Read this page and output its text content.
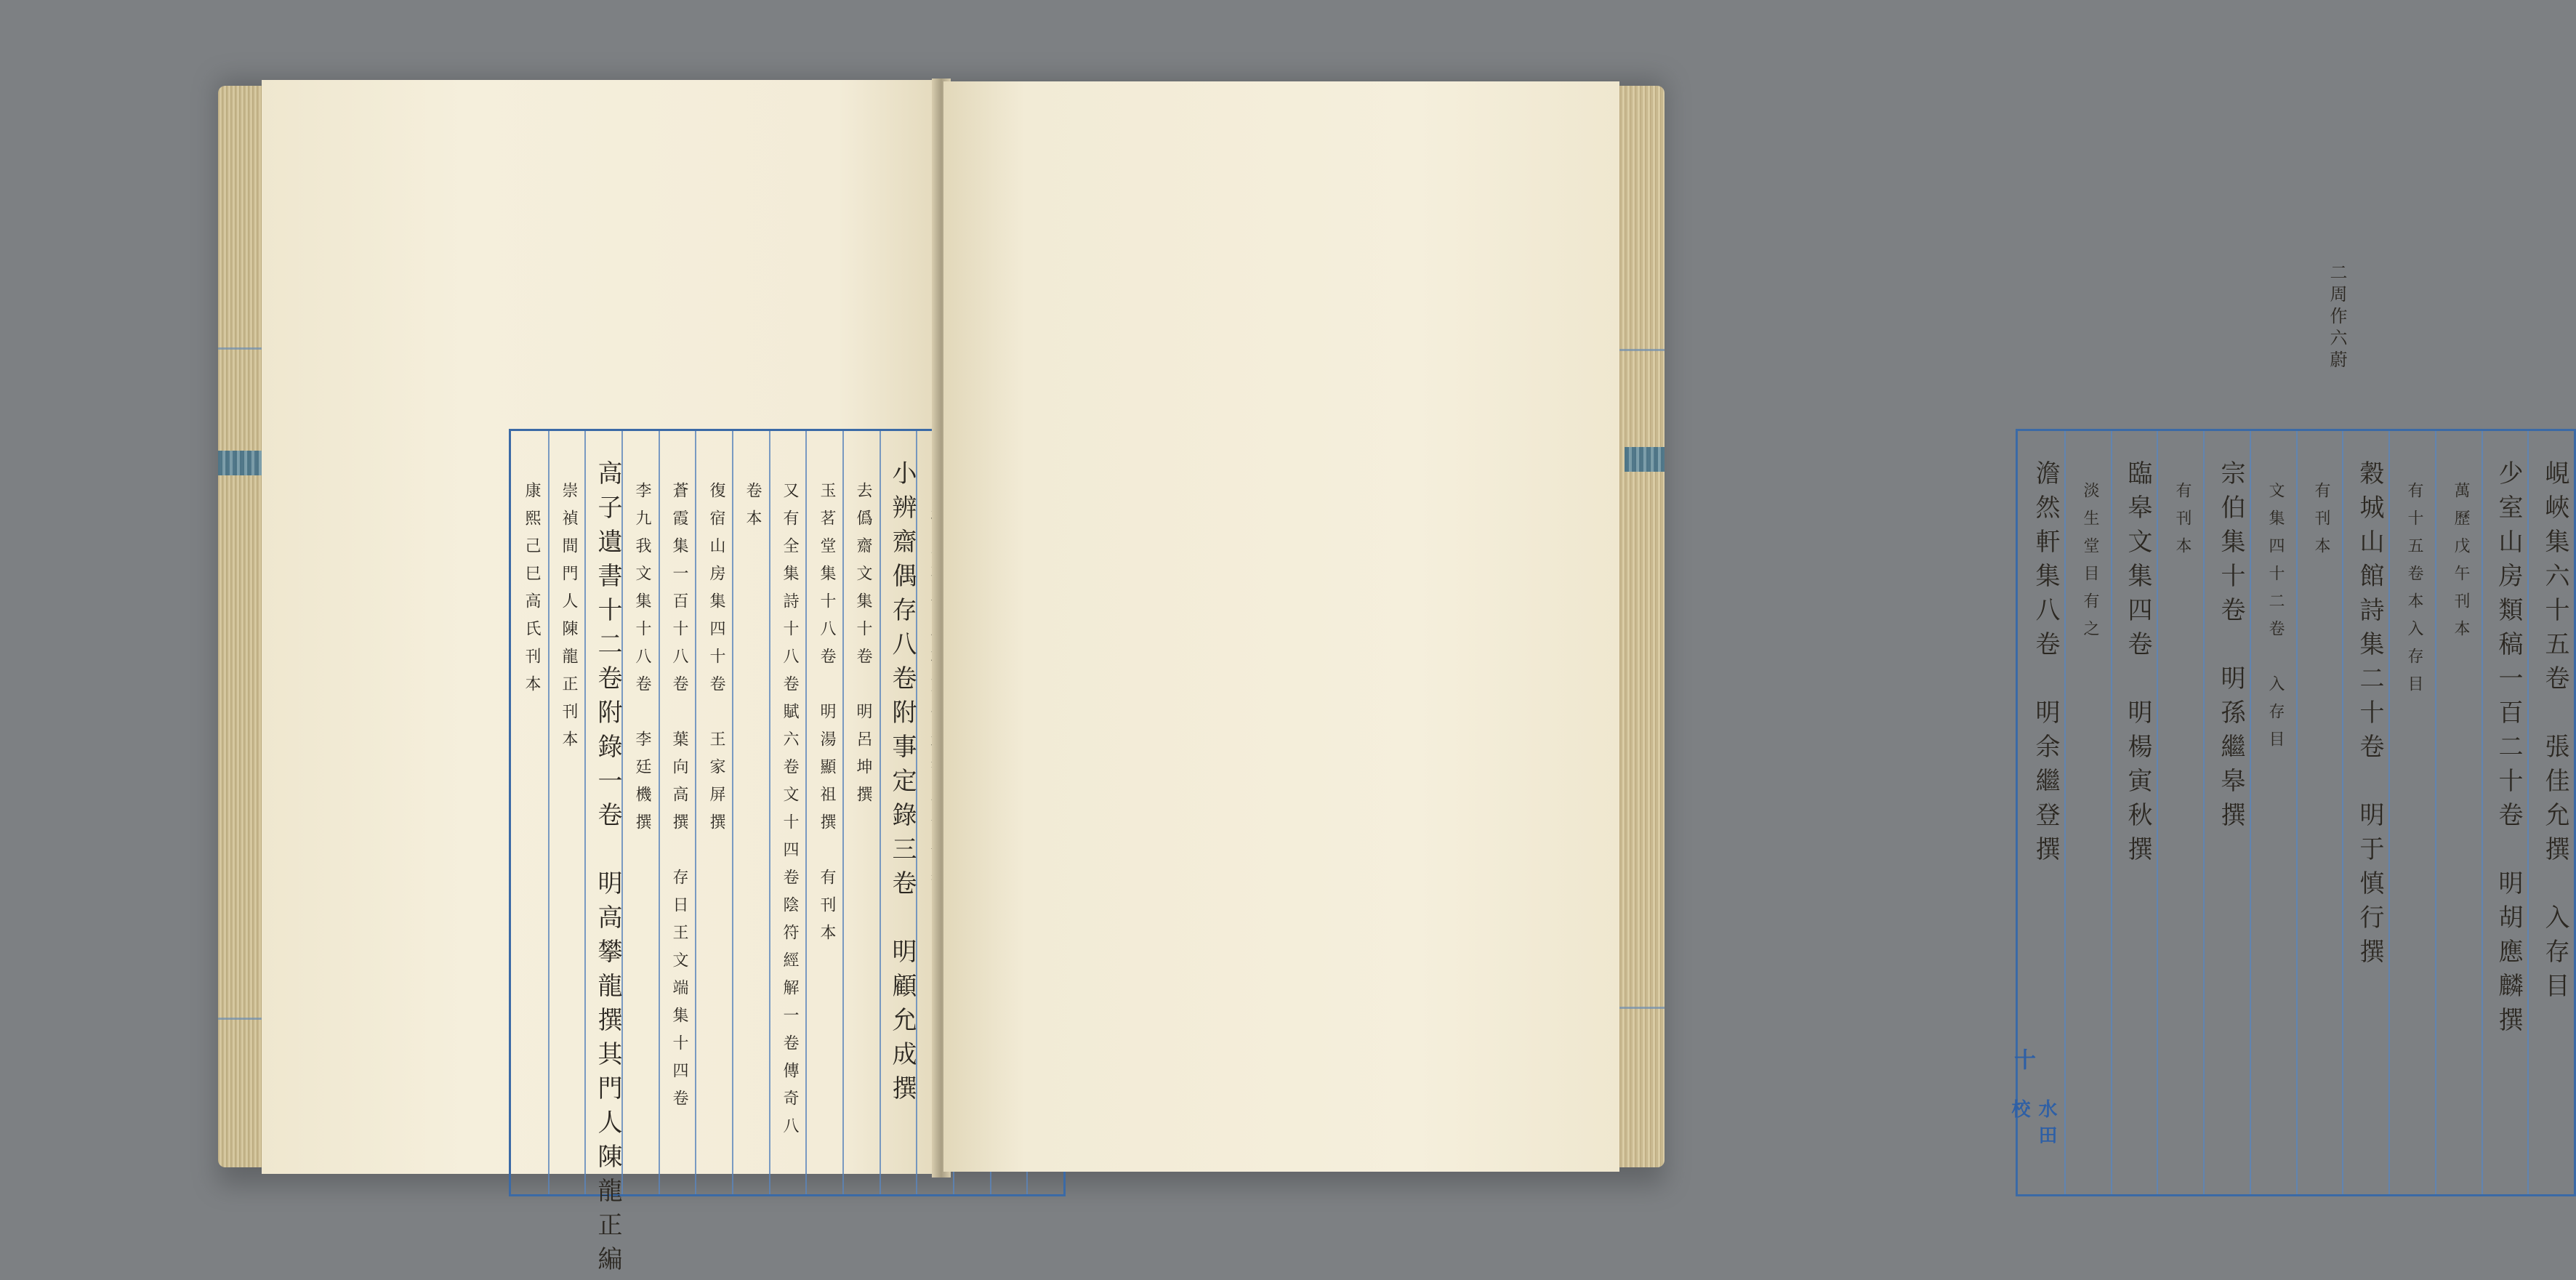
小辨齋偶存八卷附事定錄三卷　明顧允成撰
去僞齋文集十卷　明呂坤撰
玉茗堂集十八卷　明湯顯祖撰　有刊本
又有全集詩十八卷賦六卷文十四卷陰符經解一卷傳奇八
卷本
復宿山房集四十卷　王家屏撰
蒼霞集一百十八卷　葉向高撰　存日王文端集十四卷
李九我文集十八卷　李廷機撰
高子遺書十二卷附錄一卷　明高攀龍撰其門人陳龍正編
崇禎間門人陳龍正刊本
康熙己巳高氏刊本	峴峽集六十五卷　張佳允撰　入存目
少室山房類稿一百二十卷　明胡應麟撰
萬歷戊午刊本
有十五卷本入存目
穀城山館詩集二十卷　明于慎行撰
有刊本
文集四十二卷　入存目
宗伯集十卷　明孫繼皋撰
有刊本
臨皋文集四卷　明楊寅秋撰
淡生堂目有之
澹然軒集八卷　明余繼登撰
二周作六蔚
十
水田校
